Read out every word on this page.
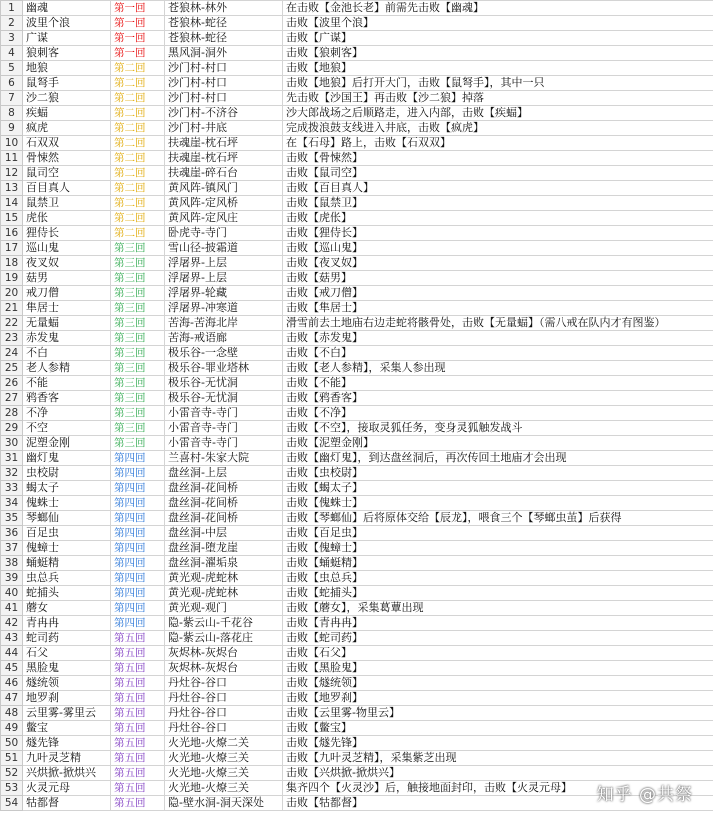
1	幽魂	第一回	苍狼林-林外	在击败【金池长老】前需先击败【幽魂】
2	波里个浪	第一回	苍狼林-蛇径	击败【波里个浪】
3	广谋	第一回	苍狼林-蛇径	击败【广谋】
4	狼刺客	第一回	黑风洞-洞外	击败【狼刺客】
5	地狼	第二回	沙门村-村口	击败【地狼】
6	鼠弩手	第二回	沙门村-村口	击败【地狼】后打开大门，击败【鼠弩手】，其中一只
7	沙二狼	第二回	沙门村-村口	先击败【沙国王】再击败【沙二狼】掉落
8	疾蝠	第二回	沙门村-不济谷	沙大郎战场之后顺路走，进入内部，击败【疾蝠】
9	疯虎	第二回	沙门村-井底	完成拨浪鼓支线进入井底，击败【疯虎】
10	石双双	第二回	扶魂崖-枕石坪	在【石母】路上，击败【石双双】
11	骨悚然	第二回	扶魂崖-枕石坪	击败【骨悚然】
12	鼠司空	第二回	扶魂崖-碎石台	击败【鼠司空】
13	百目真人	第二回	黄风阵-镇风门	击败【百目真人】
14	鼠禁卫	第二回	黄风阵-定风桥	击败【鼠禁卫】
15	虎伥	第二回	黄风阵-定风庄	击败【虎伥】
16	狸侍长	第二回	卧虎寺-寺门	击败【狸侍长】
17	巡山鬼	第三回	雪山径-披霜道	击败【巡山鬼】
18	夜叉奴	第三回	浮屠界-上层	击败【夜叉奴】
19	菇男	第三回	浮屠界-上层	击败【菇男】
20	戒刀僧	第三回	浮屠界-轮藏	击败【戒刀僧】
21	隼居士	第三回	浮屠界-冲寒道	击败【隼居士】
22	无量蝠	第三回	苦海-苦海北岸	滑雪前去土地庙右边走蛇将骸骨处，击败【无量蝠】（需八戒在队内才有图鉴）
23	赤发鬼	第三回	苦海-戒语廊	击败【赤发鬼】
24	不白	第三回	极乐谷-一念壁	击败【不白】
25	老人参精	第三回	极乐谷-罪业塔林	击败【老人参精】，采集人参出现
26	不能	第三回	极乐谷-无忧洞	击败【不能】
27	鸦香客	第三回	极乐谷-无忧洞	击败【鸦香客】
28	不净	第三回	小雷音寺-寺门	击败【不净】
29	不空	第三回	小雷音寺-寺门	击败【不空】，接取灵狐任务，变身灵狐触发战斗
30	泥塑金刚	第三回	小雷音寺-寺门	击败【泥塑金刚】
31	幽灯鬼	第四回	兰喜村-朱家大院	击败【幽灯鬼】，到达盘丝洞后，再次传回土地庙才会出现
32	虫校尉	第四回	盘丝洞-上层	击败【虫校尉】
33	蝎太子	第四回	盘丝洞-花间桥	击败【蝎太子】
34	傀蛛士	第四回	盘丝洞-花间桥	击败【傀蛛士】
35	琴螂仙	第四回	盘丝洞-花间桥	击败【琴螂仙】后将原体交给【辰龙】，喂食三个【琴螂虫茧】后获得
36	百足虫	第四回	盘丝洞-中层	击败【百足虫】
37	傀蟑士	第四回	盘丝洞-堕龙崖	击败【傀蟑士】
38	蛹蜓精	第四回	盘丝洞-濯垢泉	击败【蛹蜓精】
39	虫总兵	第四回	黄光观-虎蛇林	击败【虫总兵】
40	蛇捕头	第四回	黄光观-虎蛇林	击败【蛇捕头】
41	蘑女	第四回	黄光观-观门	击败【蘑女】，采集葛蕈出现
42	青冉冉	第四回	隐-紫云山-千花谷	击败【青冉冉】
43	蛇司药	第五回	隐-紫云山-落花庄	击败【蛇司药】
44	石父	第五回	灰烬林-灰烬台	击败【石父】
45	黑脸鬼	第五回	灰烬林-灰烬台	击败【黑脸鬼】
46	燧统领	第五回	丹灶谷-谷口	击败【燧统领】
47	地罗刹	第五回	丹灶谷-谷口	击败【地罗刹】
48	云里雾-雾里云	第五回	丹灶谷-谷口	击败【云里雾-物里云】
49	鳖宝	第五回	丹灶谷-谷口	击败【鳖宝】
50	燧先锋	第五回	火光地-火燎二关	击败【燧先锋】
51	九叶灵芝精	第五回	火光地-火燎三关	击败【九叶灵芝精】，采集紫芝出现
52	兴烘掀-掀烘兴	第五回	火光地-火燎三关	击败【兴烘掀-掀烘兴】
53	火灵元母	第五回	火光地-火燎三关	集齐四个【火灵沙】后，触接地面封印，击败【火灵元母】
54	牯都督	第五回	隐-壁水洞-洞天深处	击败【牯都督】	知乎 @共祭
